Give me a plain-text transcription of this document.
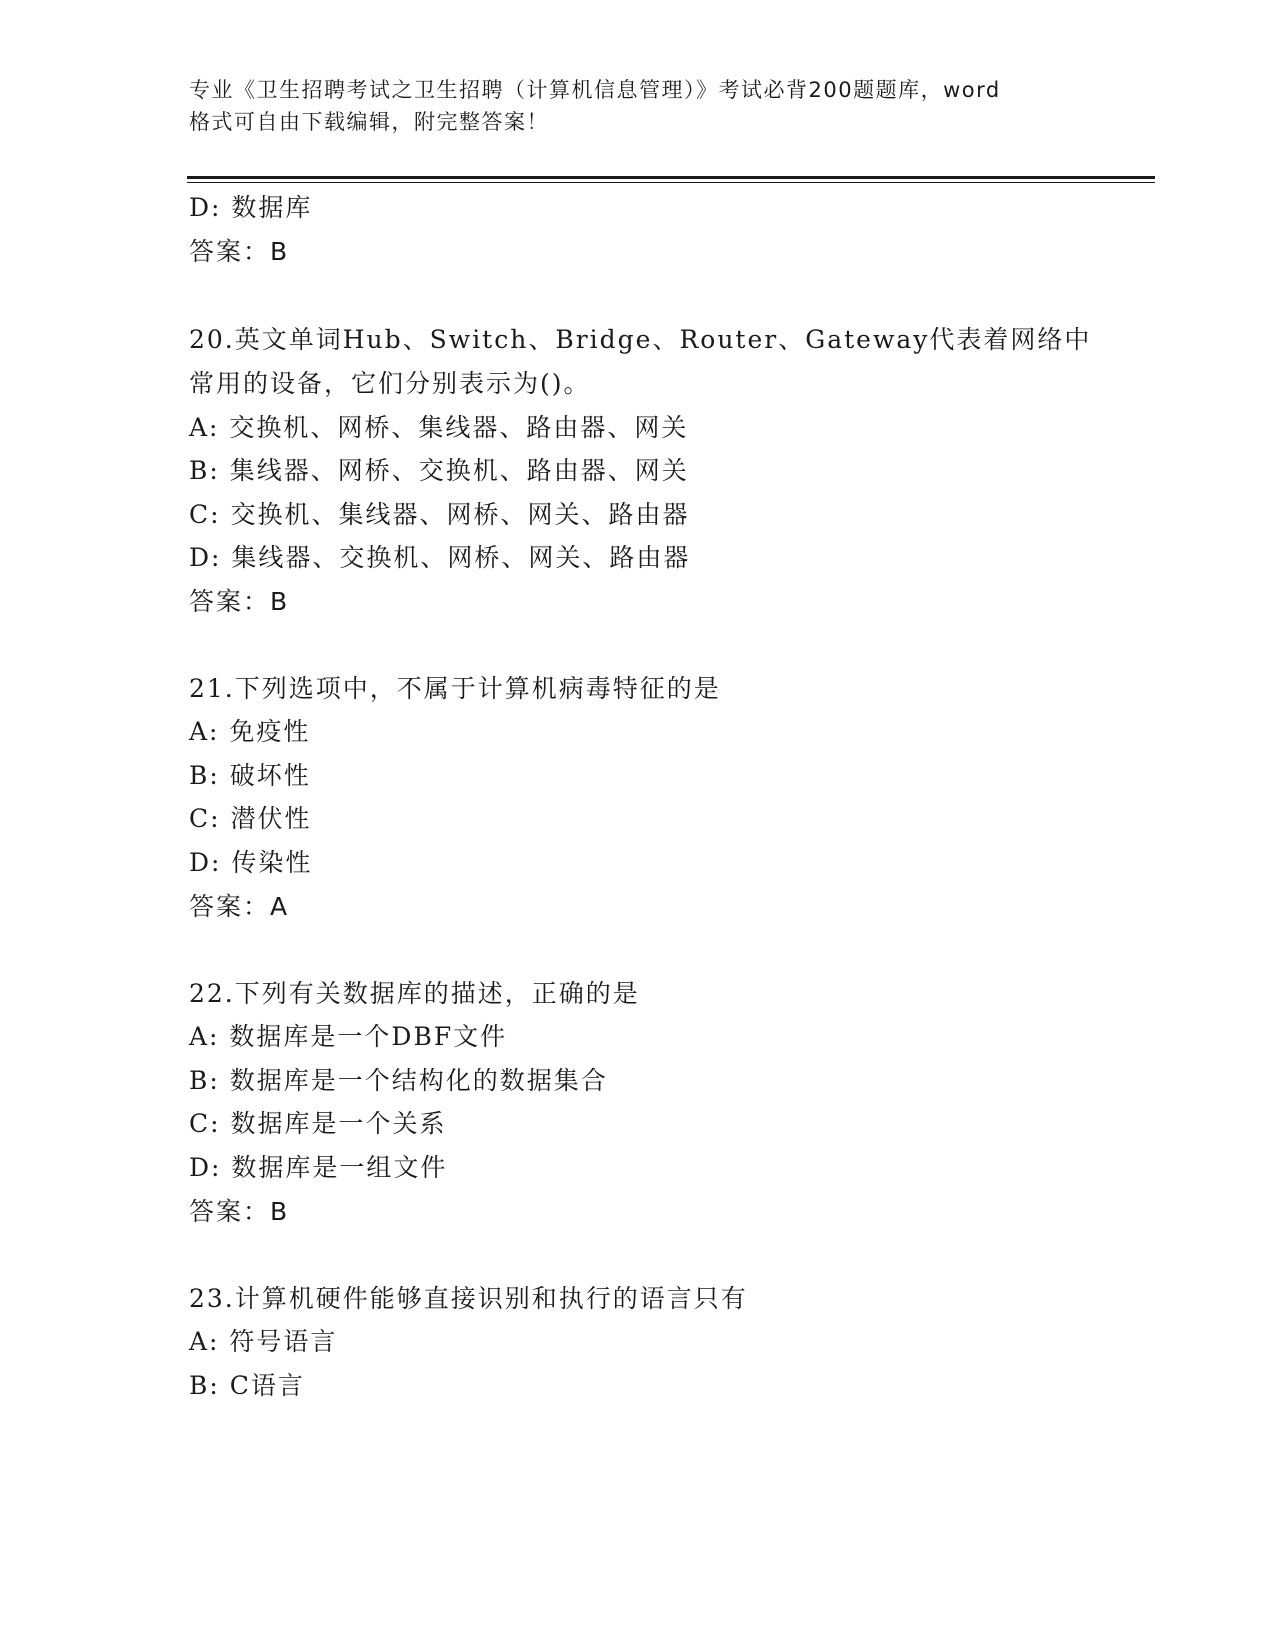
专业《卫生招聘考试之卫生招聘（计算机信息管理）》考试必背200题题库，word
格式可自由下载编辑，附完整答案！
D: 数据库
答案：B
20.英文单词Hub、Switch、Bridge、Router、Gateway代表着网络中
常用的设备，它们分别表示为()。
A: 交换机、网桥、集线器、路由器、网关
B: 集线器、网桥、交换机、路由器、网关
C: 交换机、集线器、网桥、网关、路由器
D: 集线器、交换机、网桥、网关、路由器
答案：B
21.下列选项中，不属于计算机病毒特征的是
A: 免疫性
B: 破坏性
C: 潜伏性
D: 传染性
答案：A
22.下列有关数据库的描述，正确的是
A: 数据库是一个DBF文件
B: 数据库是一个结构化的数据集合
C: 数据库是一个关系
D: 数据库是一组文件
答案：B
23.计算机硬件能够直接识别和执行的语言只有
A: 符号语言
B: C语言
